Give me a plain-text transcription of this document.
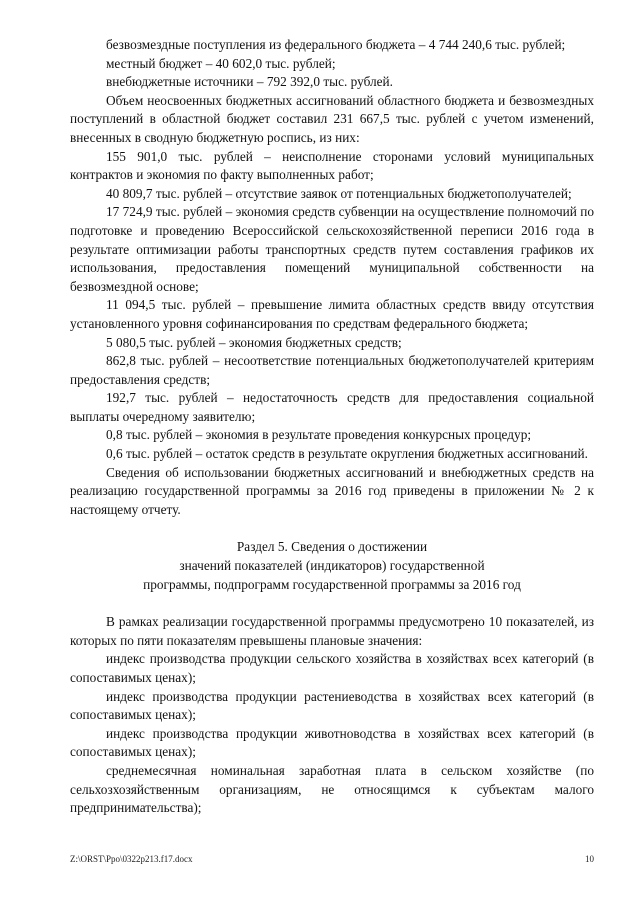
безвозмездные поступления из федерального бюджета – 4 744 240,6 тыс. рублей;

местный бюджет – 40 602,0 тыс. рублей;

внебюджетные источники – 792 392,0 тыс. рублей.

Объем неосвоенных бюджетных ассигнований областного бюджета и безвозмездных поступлений в областной бюджет составил 231 667,5 тыс. рублей с учетом изменений, внесенных в сводную бюджетную роспись, из них:

155 901,0 тыс. рублей – неисполнение сторонами условий муниципальных контрактов и экономия по факту выполненных работ;

40 809,7 тыс. рублей – отсутствие заявок от потенциальных бюджетополучателей;

17 724,9 тыс. рублей – экономия средств субвенции на осуществление полномочий по подготовке и проведению Всероссийской сельскохозяйственной переписи 2016 года в результате оптимизации работы транспортных средств путем составления графиков их использования, предоставления помещений муниципальной собственности на безвозмездной основе;

11 094,5 тыс. рублей – превышение лимита областных средств ввиду отсутствия установленного уровня софинансирования по средствам федерального бюджета;

5 080,5 тыс. рублей – экономия бюджетных средств;

862,8 тыс. рублей – несоответствие потенциальных бюджетополучателей критериям предоставления средств;

192,7 тыс. рублей – недостаточность средств для предоставления социальной выплаты очередному заявителю;

0,8 тыс. рублей – экономия в результате проведения конкурсных процедур;

0,6 тыс. рублей – остаток средств в результате округления бюджетных ассигнований.

Сведения об использовании бюджетных ассигнований и внебюджетных средств на реализацию государственной программы за 2016 год приведены в приложении № 2 к настоящему отчету.

Раздел 5. Сведения о достижении
значений показателей (индикаторов) государственной
программы, подпрограмм государственной программы за 2016 год

В рамках реализации государственной программы предусмотрено 10 показателей, из которых по пяти показателям превышены плановые значения:

индекс производства продукции сельского хозяйства в хозяйствах всех категорий (в сопоставимых ценах);

индекс производства продукции растениеводства в хозяйствах всех категорий (в сопоставимых ценах);

индекс производства продукции животноводства в хозяйствах всех категорий (в сопоставимых ценах);

среднемесячная номинальная заработная плата в сельском хозяйстве (по сельхозхозяйственным организациям, не относящимся к субъектам малого предпринимательства);

Z:\ORST\Ppo\0322p213.f17.docx	10
